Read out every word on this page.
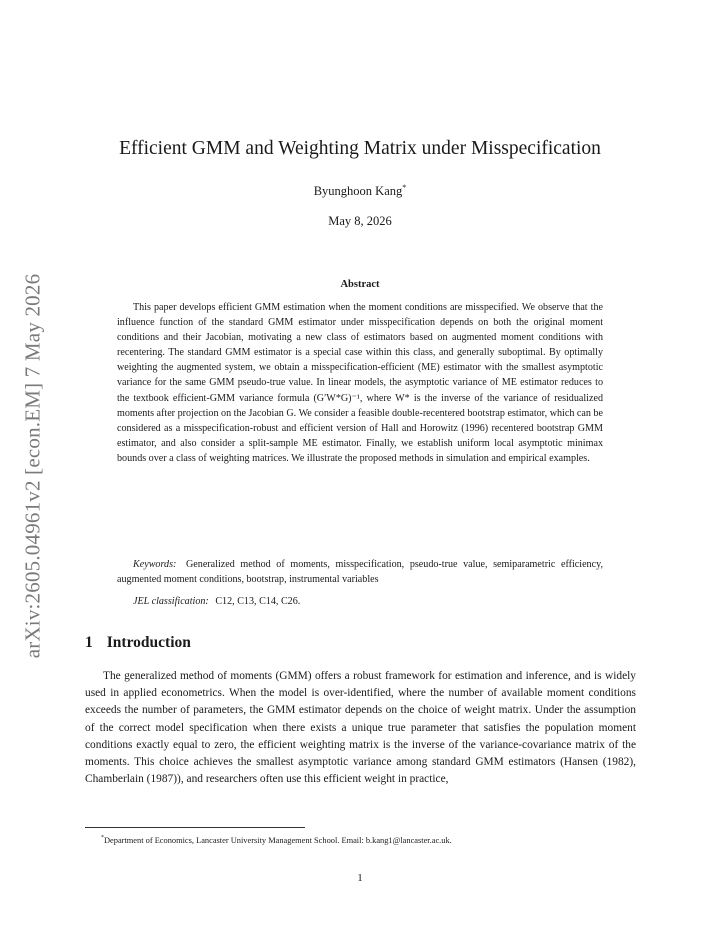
arXiv:2605.04961v2 [econ.EM] 7 May 2026
Efficient GMM and Weighting Matrix under Misspecification
Byunghoon Kang*
May 8, 2026
Abstract
This paper develops efficient GMM estimation when the moment conditions are misspecified. We observe that the influence function of the standard GMM estimator under misspecification depends on both the original moment conditions and their Jacobian, motivating a new class of estimators based on augmented moment conditions with recentering. The standard GMM estimator is a special case within this class, and generally suboptimal. By optimally weighting the augmented system, we obtain a misspecification-efficient (ME) estimator with the smallest asymptotic variance for the same GMM pseudo-true value. In linear models, the asymptotic variance of ME estimator reduces to the textbook efficient-GMM variance formula (G′W*G)⁻¹, where W* is the inverse of the variance of residualized moments after projection on the Jacobian G. We consider a feasible double-recentered bootstrap estimator, which can be considered as a misspecification-robust and efficient version of Hall and Horowitz (1996) recentered bootstrap GMM estimator, and also consider a split-sample ME estimator. Finally, we establish uniform local asymptotic minimax bounds over a class of weighting matrices. We illustrate the proposed methods in simulation and empirical examples.
Keywords: Generalized method of moments, misspecification, pseudo-true value, semiparametric efficiency, augmented moment conditions, bootstrap, instrumental variables
JEL classification: C12, C13, C14, C26.
1 Introduction
The generalized method of moments (GMM) offers a robust framework for estimation and inference, and is widely used in applied econometrics. When the model is over-identified, where the number of available moment conditions exceeds the number of parameters, the GMM estimator depends on the choice of weight matrix. Under the assumption of the correct model specification when there exists a unique true parameter that satisfies the population moment conditions exactly equal to zero, the efficient weighting matrix is the inverse of the variance-covariance matrix of the moments. This choice achieves the smallest asymptotic variance among standard GMM estimators (Hansen (1982), Chamberlain (1987)), and researchers often use this efficient weight in practice,
*Department of Economics, Lancaster University Management School. Email: b.kang1@lancaster.ac.uk.
1
